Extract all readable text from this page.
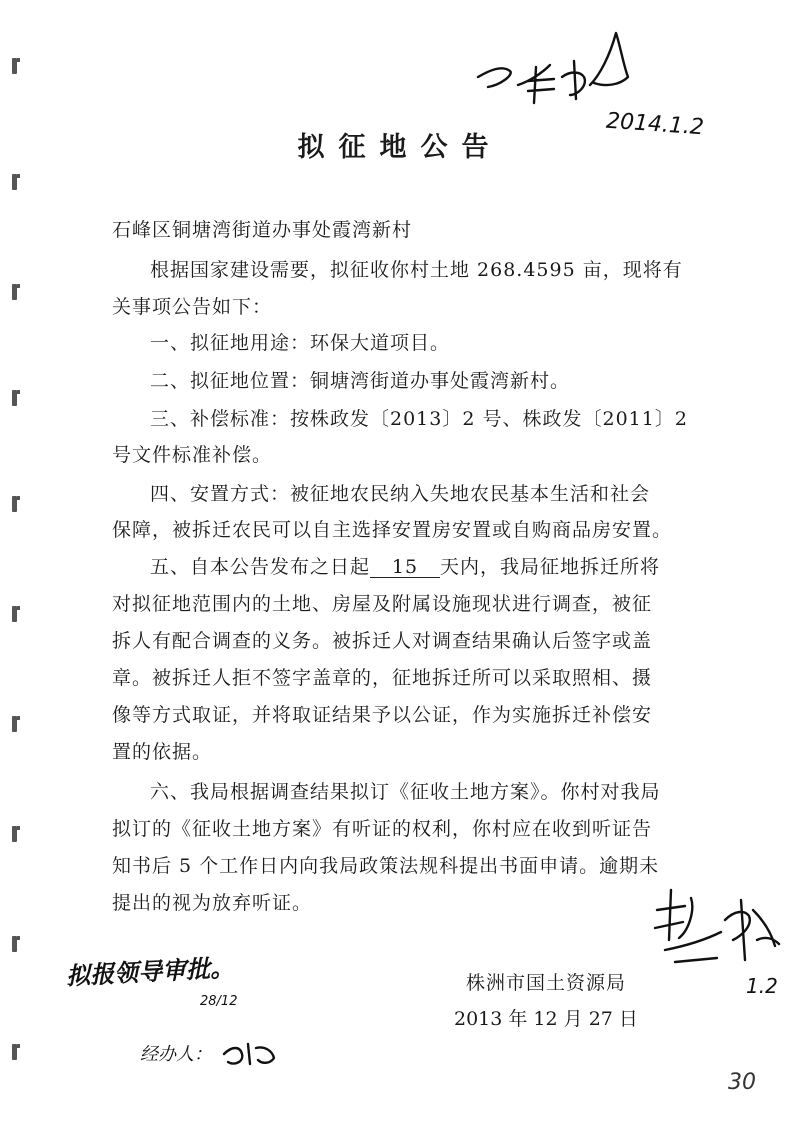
2014.1.2
拟征地公告
石峰区铜塘湾街道办事处霞湾新村
根据国家建设需要，拟征收你村土地 268.4595 亩，现将有
关事项公告如下：
一、拟征地用途：环保大道项目。
二、拟征地位置：铜塘湾街道办事处霞湾新村。
三、补偿标准：按株政发〔2013〕2 号、株政发〔2011〕2
号文件标准补偿。
四、安置方式：被征地农民纳入失地农民基本生活和社会
保障，被拆迁农民可以自主选择安置房安置或自购商品房安置。
五、自本公告发布之日起 15 天内，我局征地拆迁所将
对拟征地范围内的土地、房屋及附属设施现状进行调查，被征
拆人有配合调查的义务。被拆迁人对调查结果确认后签字或盖
章。被拆迁人拒不签字盖章的，征地拆迁所可以采取照相、摄
像等方式取证，并将取证结果予以公证，作为实施拆迁补偿安
置的依据。
六、我局根据调查结果拟订《征收土地方案》。你村对我局
拟订的《征收土地方案》有听证的权利，你村应在收到听证告
知书后 5 个工作日内向我局政策法规科提出书面申请。逾期未
提出的视为放弃听证。
1.2
株洲市国土资源局
2013 年 12 月 27 日
拟报领导审批。
28/12
经办人：
30
